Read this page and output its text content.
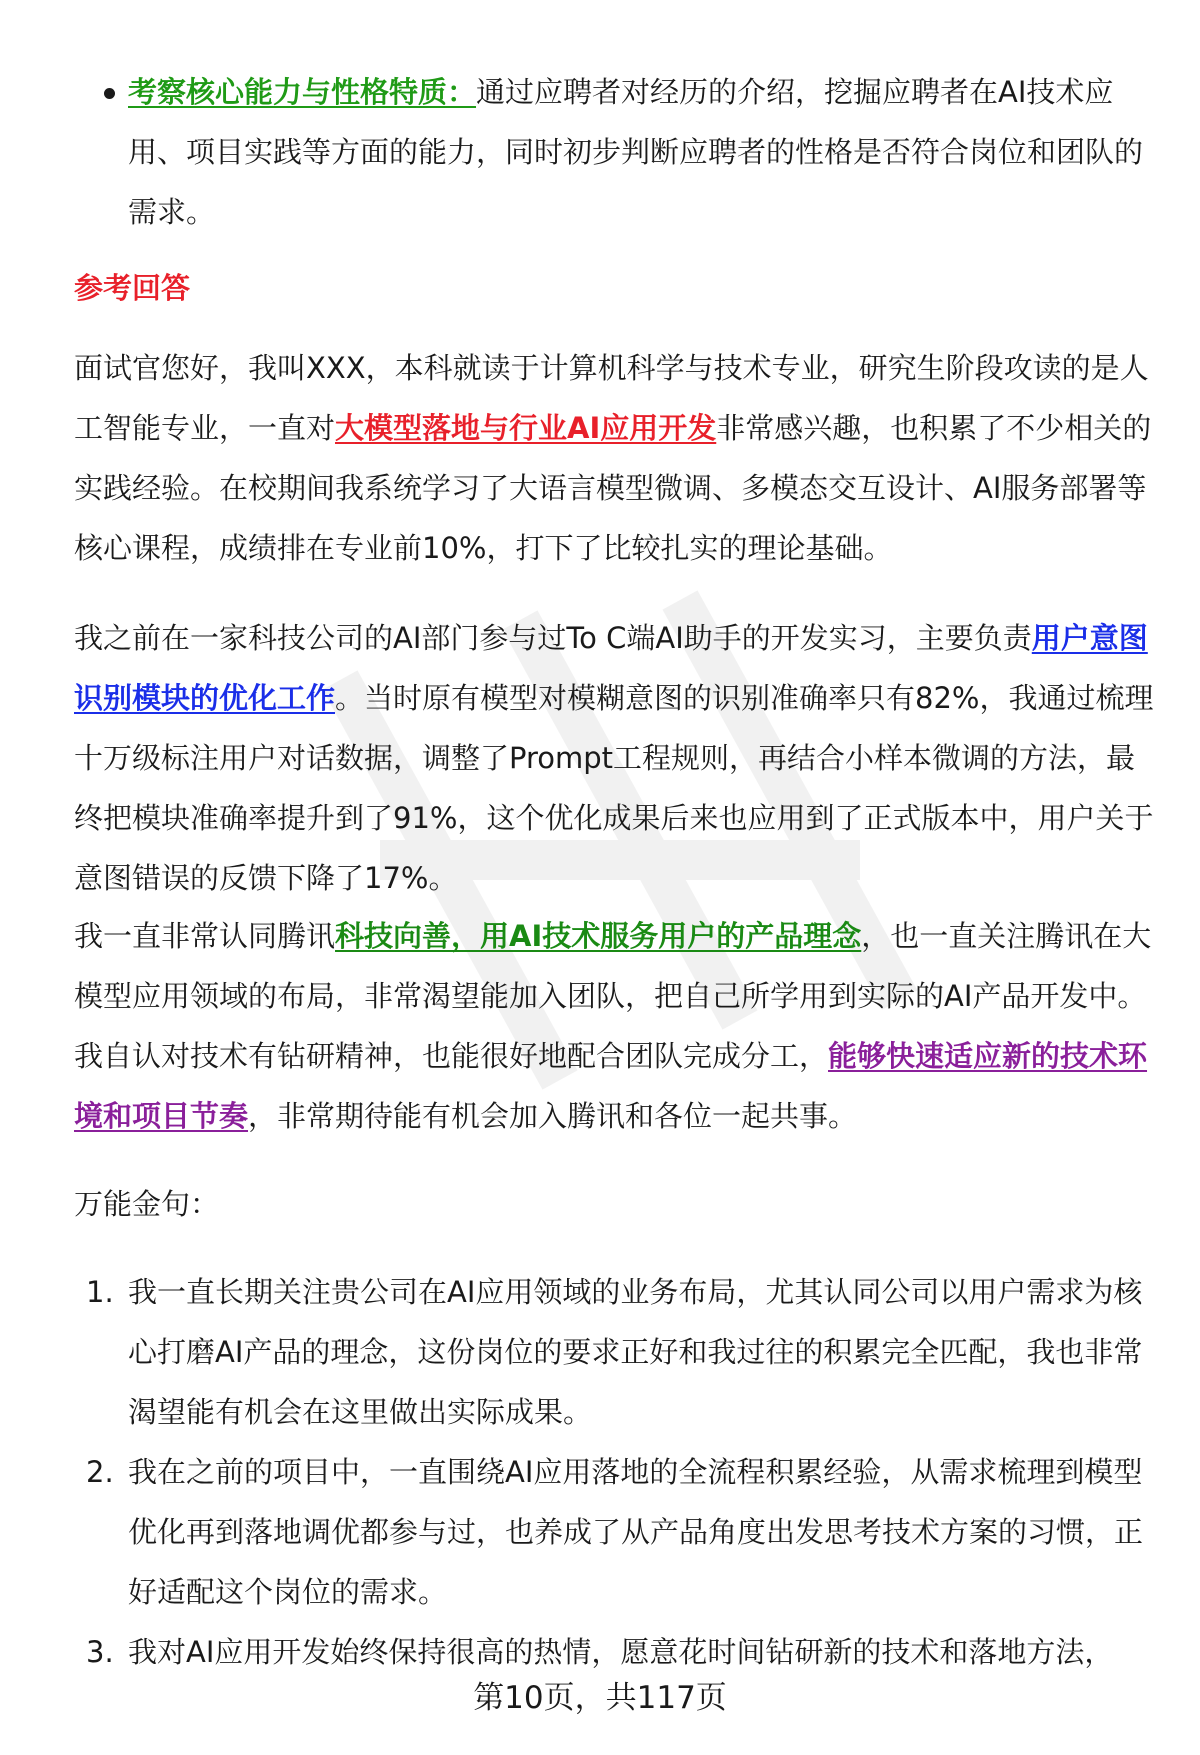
考察核心能力与性格特质：通过应聘者对经历的介绍，挖掘应聘者在AI技术应用、项目实践等方面的能力，同时初步判断应聘者的性格是否符合岗位和团队的需求。

参考回答

面试官您好，我叫XXX，本科就读于计算机科学与技术专业，研究生阶段攻读的是人工智能专业，一直对大模型落地与行业AI应用开发非常感兴趣，也积累了不少相关的实践经验。在校期间我系统学习了大语言模型微调、多模态交互设计、AI服务部署等核心课程，成绩排在专业前10%，打下了比较扎实的理论基础。

我之前在一家科技公司的AI部门参与过To C端AI助手的开发实习，主要负责用户意图识别模块的优化工作。当时原有模型对模糊意图的识别准确率只有82%，我通过梳理十万级标注用户对话数据，调整了Prompt工程规则，再结合小样本微调的方法，最终把模块准确率提升到了91%，这个优化成果后来也应用到了正式版本中，用户关于意图错误的反馈下降了17%。

我一直非常认同腾讯科技向善，用AI技术服务用户的产品理念，也一直关注腾讯在大模型应用领域的布局，非常渴望能加入团队，把自己所学用到实际的AI产品开发中。我自认对技术有钻研精神，也能很好地配合团队完成分工，能够快速适应新的技术环境和项目节奏，非常期待能有机会加入腾讯和各位一起共事。

万能金句：

1. 我一直长期关注贵公司在AI应用领域的业务布局，尤其认同公司以用户需求为核心打磨AI产品的理念，这份岗位的要求正好和我过往的积累完全匹配，我也非常渴望能有机会在这里做出实际成果。
2. 我在之前的项目中，一直围绕AI应用落地的全流程积累经验，从需求梳理到模型优化再到落地调优都参与过，也养成了从产品角度出发思考技术方案的习惯，正好适配这个岗位的需求。
3. 我对AI应用开发始终保持很高的热情，愿意花时间钻研新的技术和落地方法，
第10页，共117页
